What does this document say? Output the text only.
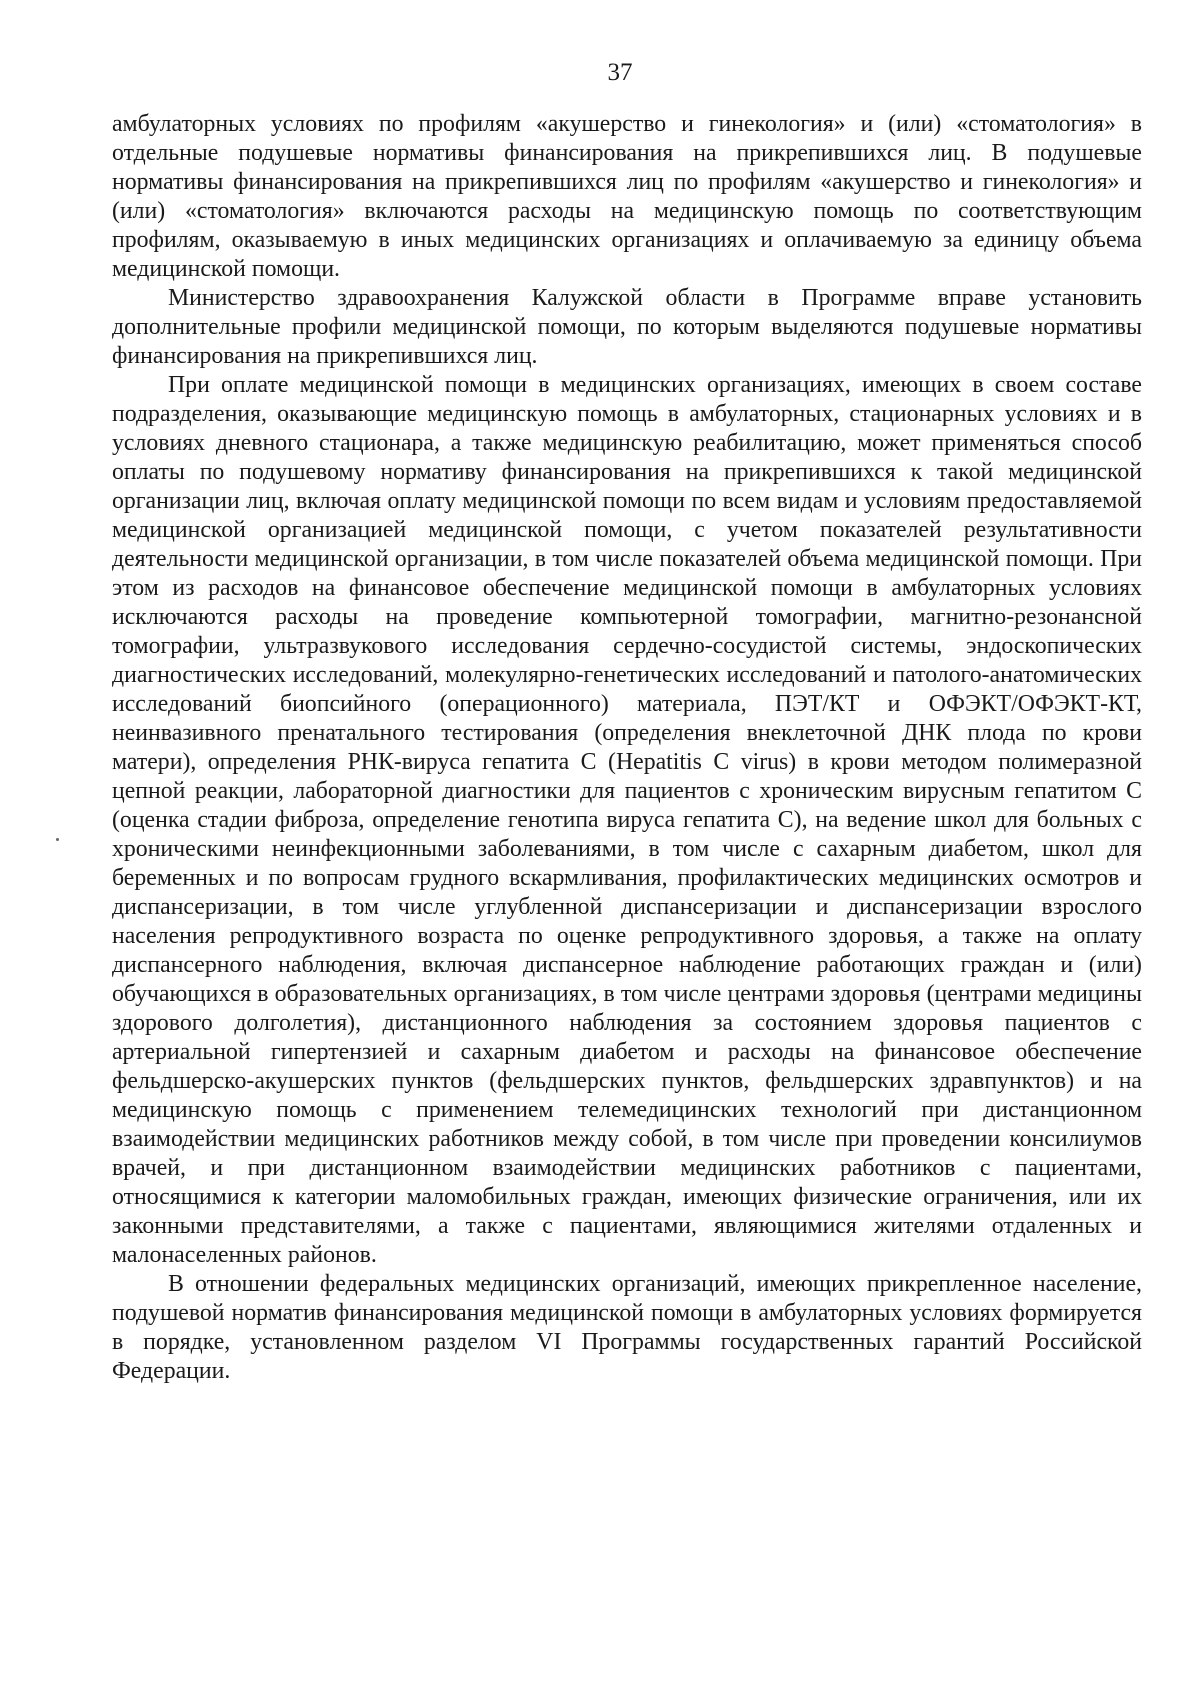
37

амбулаторных условиях по профилям «акушерство и гинекология» и (или) «стоматология» в отдельные подушевые нормативы финансирования на прикрепившихся лиц. В подушевые нормативы финансирования на прикрепившихся лиц по профилям «акушерство и гинекология» и (или) «стоматология» включаются расходы на медицинскую помощь по соответствующим профилям, оказываемую в иных медицинских организациях и оплачиваемую за единицу объема медицинской помощи.

Министерство здравоохранения Калужской области в Программе вправе установить дополнительные профили медицинской помощи, по которым выделяются подушевые нормативы финансирования на прикрепившихся лиц.

При оплате медицинской помощи в медицинских организациях, имеющих в своем составе подразделения, оказывающие медицинскую помощь в амбулаторных, стационарных условиях и в условиях дневного стационара, а также медицинскую реабилитацию, может применяться способ оплаты по подушевому нормативу финансирования на прикрепившихся к такой медицинской организации лиц, включая оплату медицинской помощи по всем видам и условиям предоставляемой медицинской организацией медицинской помощи, с учетом показателей результативности деятельности медицинской организации, в том числе показателей объема медицинской помощи. При этом из расходов на финансовое обеспечение медицинской помощи в амбулаторных условиях исключаются расходы на проведение компьютерной томографии, магнитно-резонансной томографии, ультразвукового исследования сердечно-сосудистой системы, эндоскопических диагностических исследований, молекулярно-генетических исследований и патолого-анатомических исследований биопсийного (операционного) материала, ПЭТ/КТ и ОФЭКТ/ОФЭКТ-КТ, неинвазивного пренатального тестирования (определения внеклеточной ДНК плода по крови матери), определения РНК-вируса гепатита С (Hepatitis C virus) в крови методом полимеразной цепной реакции, лабораторной диагностики для пациентов с хроническим вирусным гепатитом С (оценка стадии фиброза, определение генотипа вируса гепатита С), на ведение школ для больных с хроническими неинфекционными заболеваниями, в том числе с сахарным диабетом, школ для беременных и по вопросам грудного вскармливания, профилактических медицинских осмотров и диспансеризации, в том числе углубленной диспансеризации и диспансеризации взрослого населения репродуктивного возраста по оценке репродуктивного здоровья, а также на оплату диспансерного наблюдения, включая диспансерное наблюдение работающих граждан и (или) обучающихся в образовательных организациях, в том числе центрами здоровья (центрами медицины здорового долголетия), дистанционного наблюдения за состоянием здоровья пациентов с артериальной гипертензией и сахарным диабетом и расходы на финансовое обеспечение фельдшерско-акушерских пунктов (фельдшерских пунктов, фельдшерских здравпунктов) и на медицинскую помощь с применением телемедицинских технологий при дистанционном взаимодействии медицинских работников между собой, в том числе при проведении консилиумов врачей, и при дистанционном взаимодействии медицинских работников с пациентами, относящимися к категории маломобильных граждан, имеющих физические ограничения, или их законными представителями, а также с пациентами, являющимися жителями отдаленных и малонаселенных районов.

В отношении федеральных медицинских организаций, имеющих прикрепленное население, подушевой норматив финансирования медицинской помощи в амбулаторных условиях формируется в порядке, установленном разделом VI Программы государственных гарантий Российской Федерации.
